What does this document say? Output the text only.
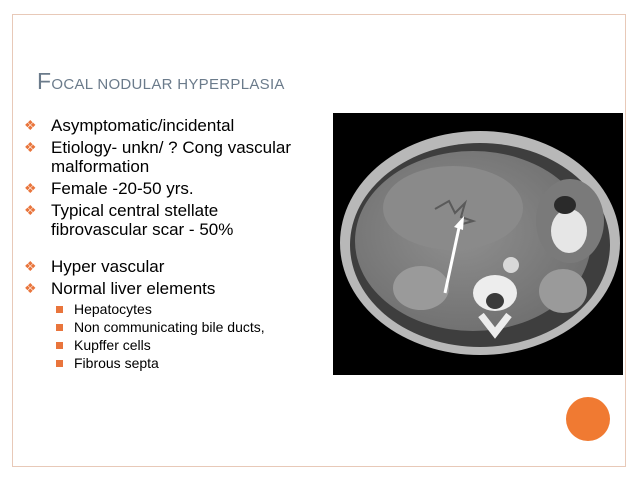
FOCAL NODULAR HYPERPLASIA
❖ Asymptomatic/incidental
❖ Etiology- unkn/ ? Cong vascular malformation
❖ Female -20-50 yrs.
❖ Typical central stellate fibrovascular scar - 50%
❖ Hyper vascular
❖ Normal liver elements
Hepatocytes
Non communicating bile ducts,
Kupffer cells
Fibrous septa
